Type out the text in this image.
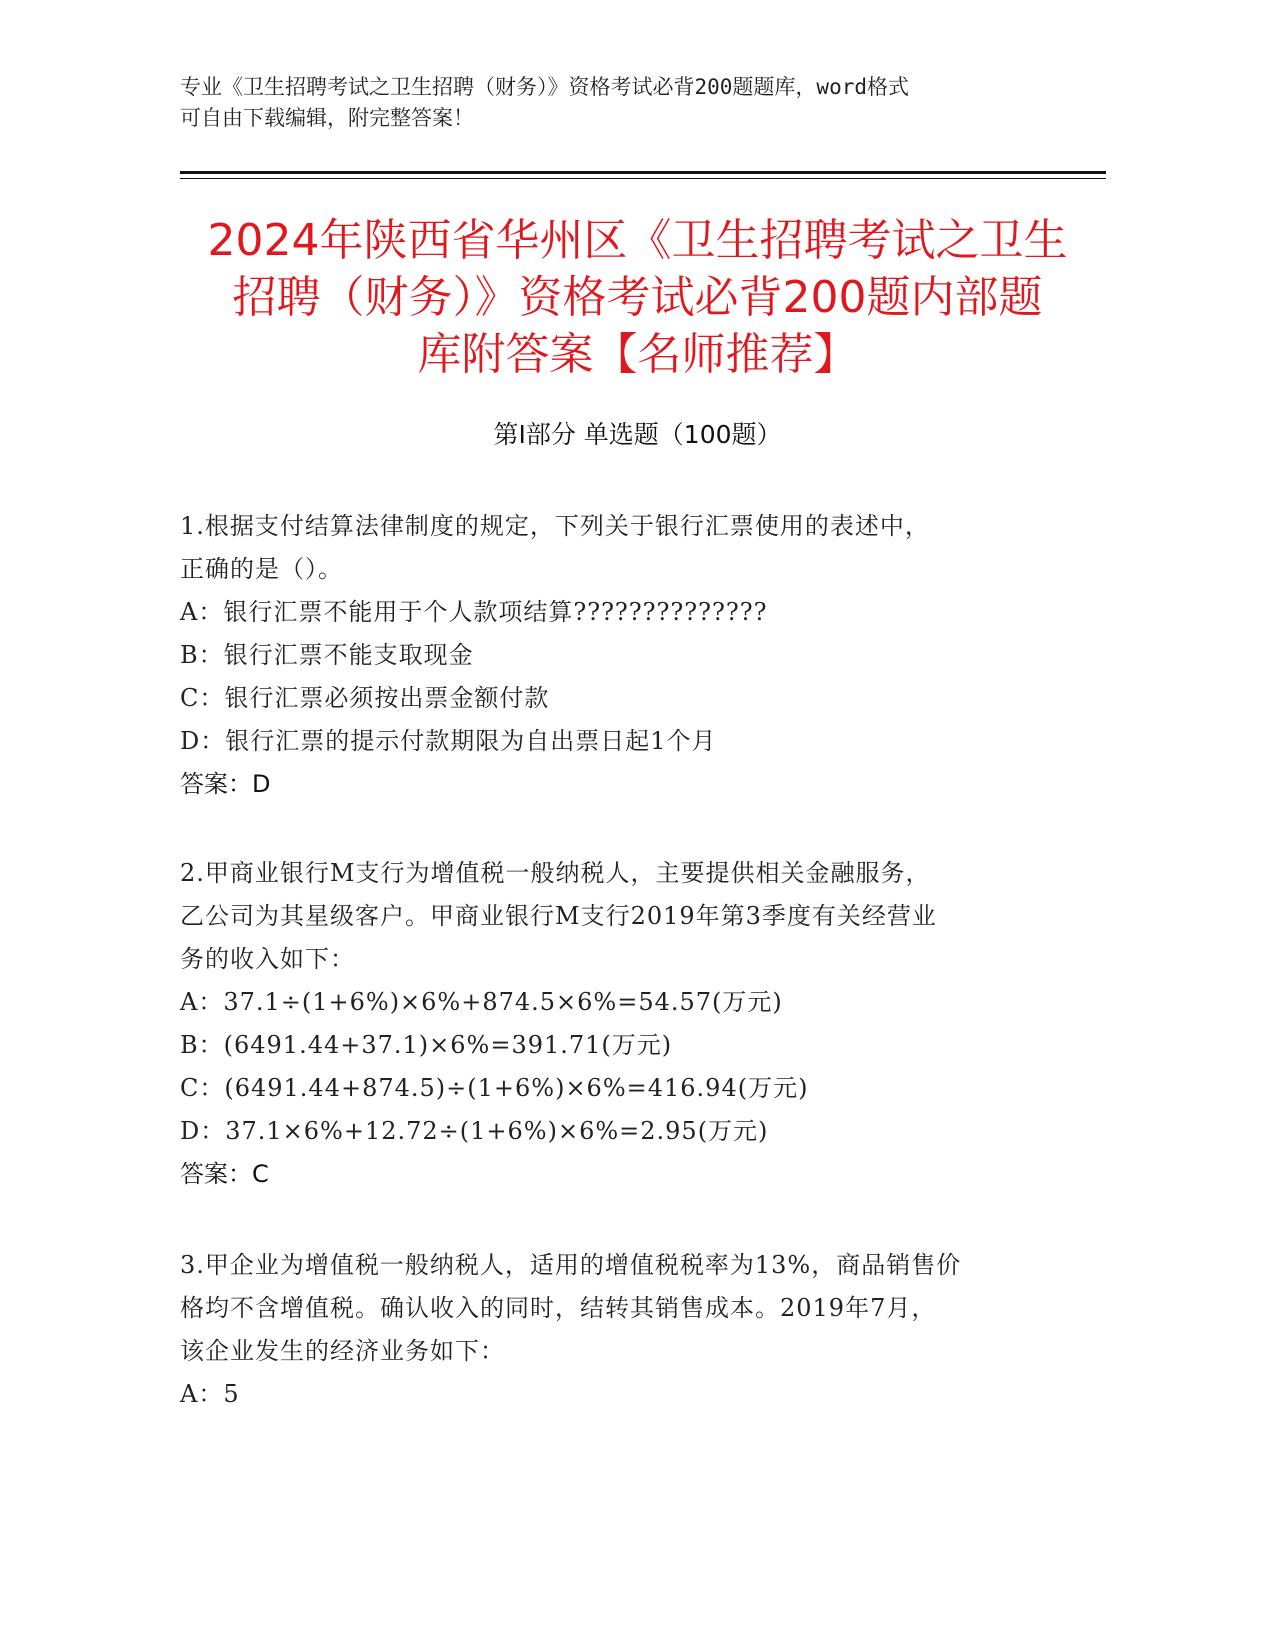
专业《卫生招聘考试之卫生招聘（财务）》资格考试必背200题题库，word格式
可自由下载编辑，附完整答案！
2024年陕西省华州区《卫生招聘考试之卫生
招聘（财务）》资格考试必背200题内部题
库附答案【名师推荐】
第Ⅰ部分 单选题（100题）
1.根据支付结算法律制度的规定，下列关于银行汇票使用的表述中，
正确的是（）。
A：银行汇票不能用于个人款项结算??????????????
B：银行汇票不能支取现金
C：银行汇票必须按出票金额付款
D：银行汇票的提示付款期限为自出票日起1个月
答案：D
2.甲商业银行M支行为增值税一般纳税人，主要提供相关金融服务，
乙公司为其星级客户。甲商业银行M支行2019年第3季度有关经营业
务的收入如下：
A：37.1÷(1+6%)×6%+874.5×6%=54.57(万元)
B：(6491.44+37.1)×6%=391.71(万元)
C：(6491.44+874.5)÷(1+6%)×6%=416.94(万元)
D：37.1×6%+12.72÷(1+6%)×6%=2.95(万元)
答案：C
3.甲企业为增值税一般纳税人，适用的增值税税率为13%，商品销售价
格均不含增值税。确认收入的同时，结转其销售成本。2019年7月，
该企业发生的经济业务如下：
A：5
